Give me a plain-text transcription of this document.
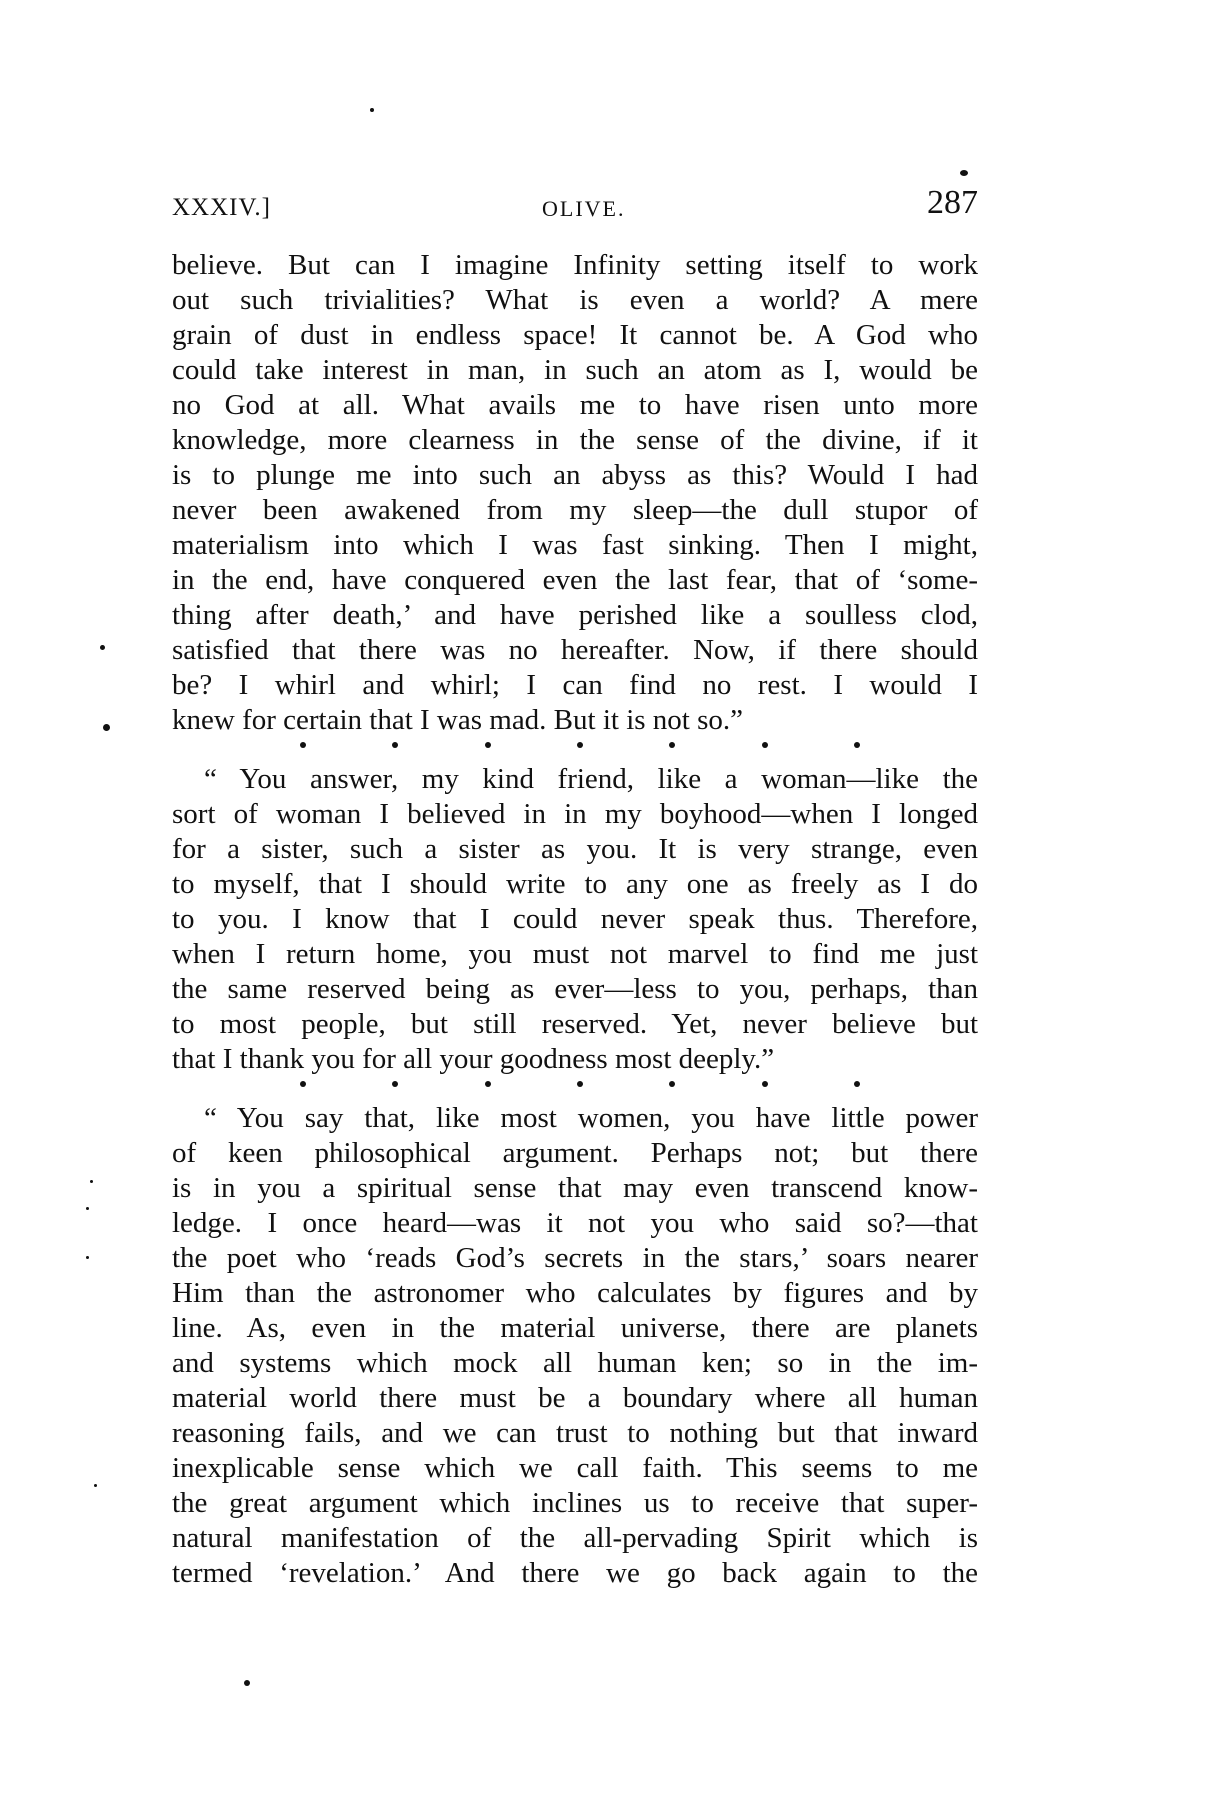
XXXIV.]	OLIVE.	287
believe. But can I imagine Infinity setting itself to work
out such trivialities? What is even a world? A mere
grain of dust in endless space! It cannot be. A God who
could take interest in man, in such an atom as I, would be
no God at all. What avails me to have risen unto more
knowledge, more clearness in the sense of the divine, if it
is to plunge me into such an abyss as this? Would I had
never been awakened from my sleep—the dull stupor of
materialism into which I was fast sinking. Then I might,
in the end, have conquered even the last fear, that of ‘some-
thing after death,’ and have perished like a soulless clod,
satisfied that there was no hereafter. Now, if there should
be? I whirl and whirl; I can find no rest. I would I
knew for certain that I was mad. But it is not so.”
“ You answer, my kind friend, like a woman—like the
sort of woman I believed in in my boyhood—when I longed
for a sister, such a sister as you. It is very strange, even
to myself, that I should write to any one as freely as I do
to you. I know that I could never speak thus. Therefore,
when I return home, you must not marvel to find me just
the same reserved being as ever—less to you, perhaps, than
to most people, but still reserved. Yet, never believe but
that I thank you for all your goodness most deeply.”
“ You say that, like most women, you have little power
of keen philosophical argument. Perhaps not; but there
is in you a spiritual sense that may even transcend know-
ledge. I once heard—was it not you who said so?—that
the poet who ‘reads God’s secrets in the stars,’ soars nearer
Him than the astronomer who calculates by figures and by
line. As, even in the material universe, there are planets
and systems which mock all human ken; so in the im-
material world there must be a boundary where all human
reasoning fails, and we can trust to nothing but that inward
inexplicable sense which we call faith. This seems to me
the great argument which inclines us to receive that super-
natural manifestation of the all-pervading Spirit which is
termed ‘revelation.’ And there we go back again to the
